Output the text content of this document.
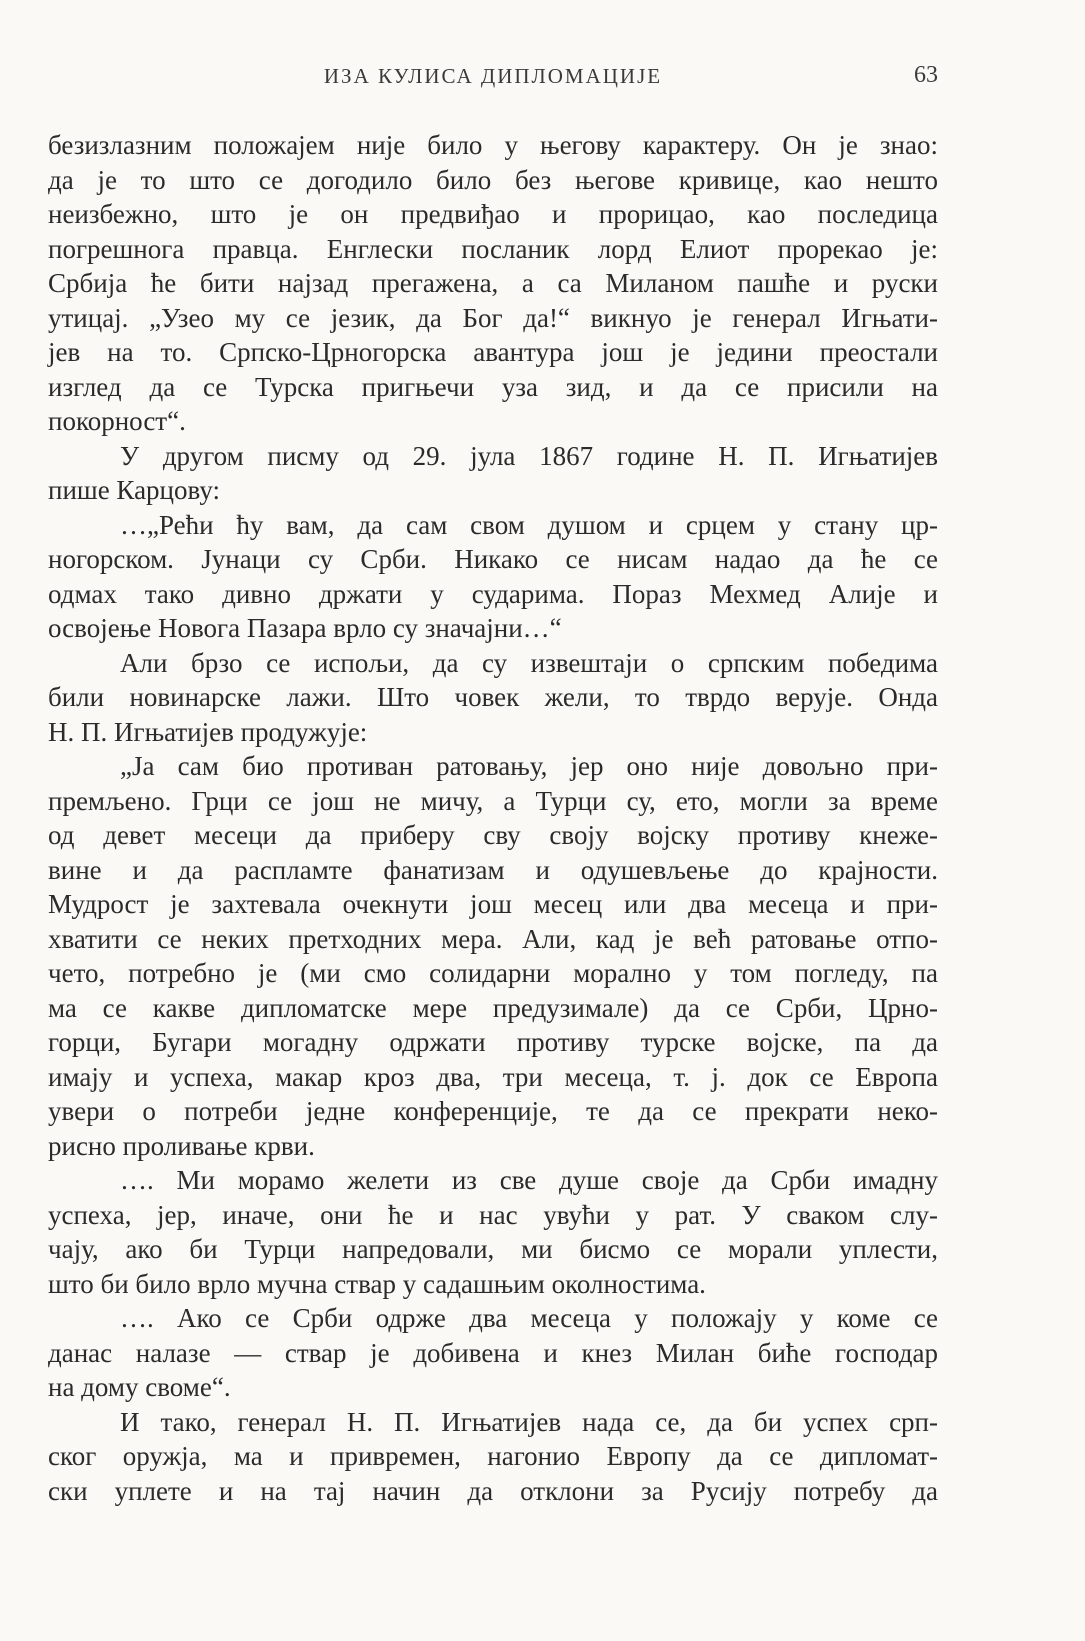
ИЗА КУЛИСА ДИПЛОМАЦИЈЕ	63
безизлазним положајем није било у његову карактеру. Он је знао:
да је то што се догодило било без његове кривице, као нешто
неизбежно, што је он предвиђао и прорицао, као последица
погрешнога правца. Енглески посланик лорд Елиот прорекао је:
Србија ће бити најзад прегажена, а са Миланом пашће и руски
утицај. „Узео му се језик, да Бог да!“ викнуо је генерал Игњати-
јев на то. Српско-Црногорска авантура још је једини преостали
изглед да се Турска пригњечи уза зид, и да се присили на
покорност“.
У другом писму од 29. јула 1867 године Н. П. Игњатијев
пише Карцову:
…„Рећи ћу вам, да сам свом душом и срцем у стану цр-
ногорском. Јунаци су Срби. Никако се нисам надао да ће се
одмах тако дивно држати у сударима. Пораз Мехмед Алије и
освојење Новога Пазара врло су значајни…“
Али брзо се испољи, да су извештаји о српским победима
били новинарске лажи. Што човек жели, то тврдо верује. Онда
Н. П. Игњатијев продужује:
„Ја сам био противан ратовању, јер оно није довољно при-
премљено. Грци се још не мичу, а Турци су, ето, могли за време
од девет месеци да приберу сву своју војску противу кнеже-
вине и да распламте фанатизам и одушевљење до крајности.
Мудрост је захтевала очекнути још месец или два месеца и при-
хватити се неких претходних мера. Али, кад је већ ратовање отпо-
чето, потребно је (ми смо солидарни морално у том погледу, па
ма се какве дипломатске мере предузимале) да се Срби, Црно-
горци, Бугари могадну одржати противу турске војске, па да
имају и успеха, макар кроз два, три месеца, т. ј. док се Европа
увери о потреби једне конференције, те да се прекрати неко-
рисно проливање крви.
…. Ми морамо желети из све душе своје да Срби имадну
успеха, јер, иначе, они ће и нас увући у рат. У сваком слу-
чају, ако би Турци напредовали, ми бисмо се морали уплести,
што би било врло мучна ствар у садашњим околностима.
…. Ако се Срби одрже два месеца у положају у коме се
данас налазе — ствар је добивена и кнез Милан биће господар
на дому своме“.
И тако, генерал Н. П. Игњатијев нада се, да би успех срп-
ског оружја, ма и привремен, нагонио Европу да се дипломат-
ски уплете и на тај начин да отклони за Русију потребу да
